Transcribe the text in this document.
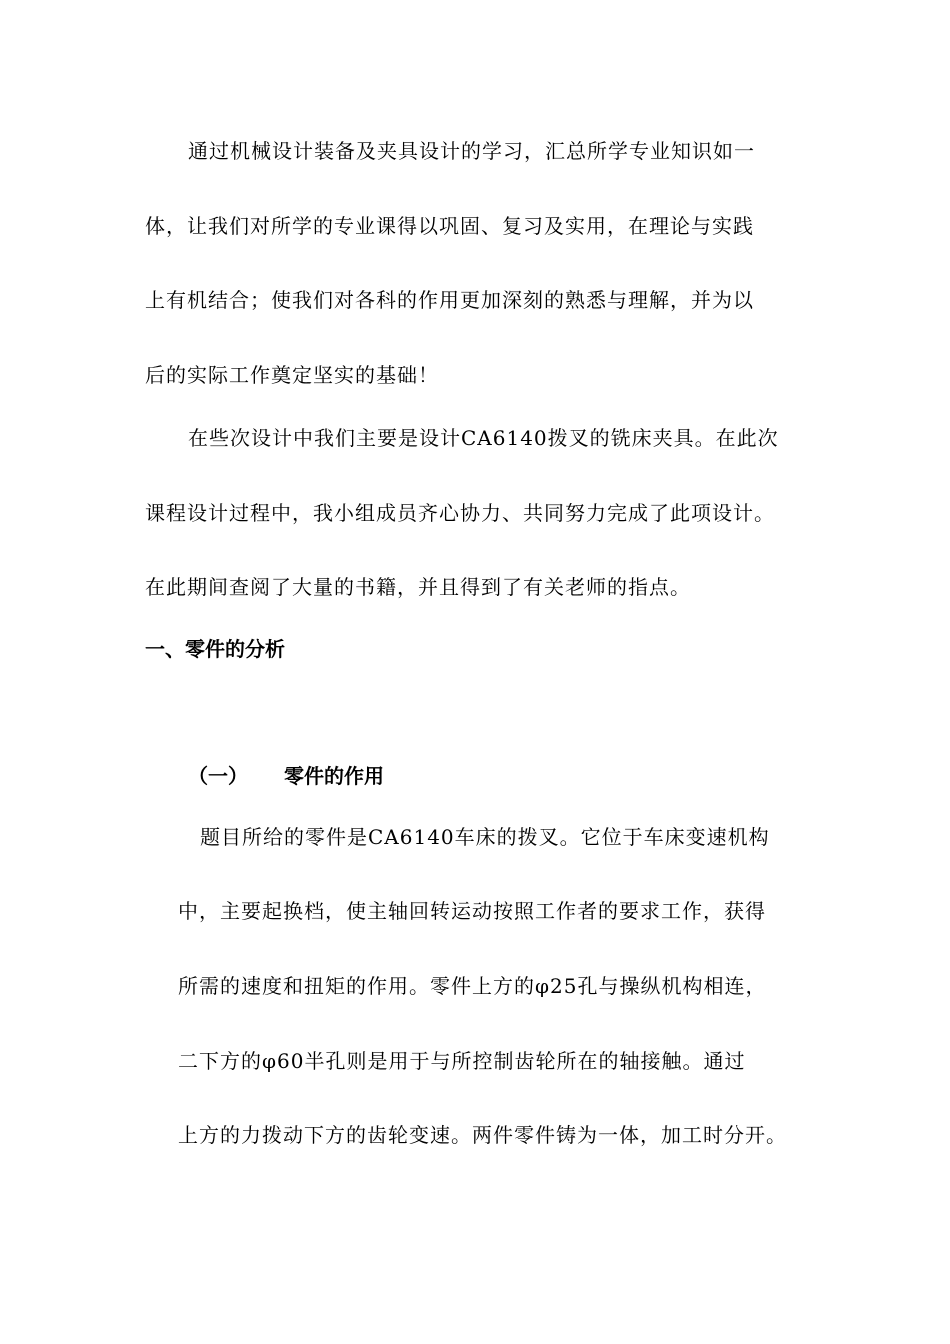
通过机械设计装备及夹具设计的学习，汇总所学专业知识如一
体，让我们对所学的专业课得以巩固、复习及实用，在理论与实践
上有机结合；使我们对各科的作用更加深刻的熟悉与理解，并为以
后的实际工作奠定坚实的基础！
在些次设计中我们主要是设计CA6140拨叉的铣床夹具。在此次
课程设计过程中，我小组成员齐心协力、共同努力完成了此项设计。
在此期间查阅了大量的书籍，并且得到了有关老师的指点。
一、零件的分析
（一） 零件的作用
题目所给的零件是CA6140车床的拨叉。它位于车床变速机构
中，主要起换档，使主轴回转运动按照工作者的要求工作，获得
所需的速度和扭矩的作用。零件上方的φ25孔与操纵机构相连，
二下方的φ60半孔则是用于与所控制齿轮所在的轴接触。通过
上方的力拨动下方的齿轮变速。两件零件铸为一体，加工时分开。
